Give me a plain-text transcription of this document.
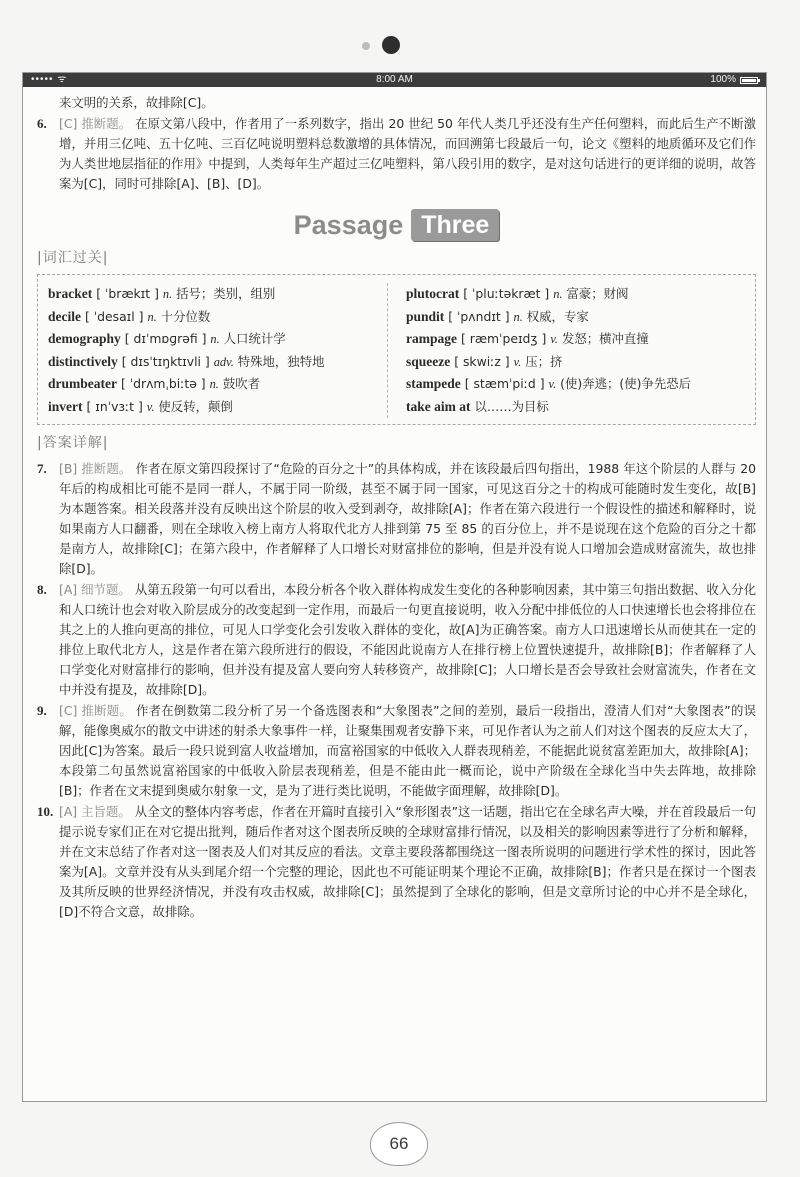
••••• ᯤ	8:00 AM	100%

来文明的关系，故排除[C]。

6. [C] 推断题。 在原文第八段中，作者用了一系列数字，指出 20 世纪 50 年代人类几乎还没有生产任何塑料，而此后生产不断激增，并用三亿吨、五十亿吨、三百亿吨说明塑料总数激增的具体情况，而回溯第七段最后一句，论文《塑料的地质循环及它们作为人类世地层指征的作用》中提到，人类每年生产超过三亿吨塑料，第八段引用的数字，是对这句话进行的更详细的说明，故答案为[C]，同时可排除[A]、[B]、[D]。
Passage Three
|词汇过关|
bracket [ ˈbrækɪt ] n. 括号；类别，组别
decile [ ˈdesaɪl ] n. 十分位数
demography [ dɪˈmɒɡrəfi ] n. 人口统计学
distinctively [ dɪsˈtɪŋktɪvli ] adv. 特殊地，独特地
drumbeater [ ˈdrʌmˌbiːtə ] n. 鼓吹者
invert [ ɪnˈvɜːt ] v. 使反转，颠倒
plutocrat [ ˈpluːtəkræt ] n. 富豪；财阀
pundit [ ˈpʌndɪt ] n. 权威，专家
rampage [ ræmˈpeɪdʒ ] v. 发怒；横冲直撞
squeeze [ skwiːz ] v. 压；挤
stampede [ stæmˈpiːd ] v. (使)奔逃；(使)争先恐后
take aim at 以……为目标
|答案详解|
7. [B] 推断题。 作者在原文第四段探讨了“危险的百分之十”的具体构成，并在该段最后四句指出，1988 年这个阶层的人群与 20 年后的构成相比可能不是同一群人，不属于同一阶级，甚至不属于同一国家，可见这百分之十的构成可能随时发生变化，故[B]为本题答案。相关段落并没有反映出这个阶层的收入受到剥夺，故排除[A]；作者在第六段进行一个假设性的描述和解释时，说如果南方人口翻番，则在全球收入榜上南方人将取代北方人排到第 75 至 85 的百分位上，并不是说现在这个危险的百分之十都是南方人，故排除[C]；在第六段中，作者解释了人口增长对财富排位的影响，但是并没有说人口增加会造成财富流失，故也排除[D]。
8. [A] 细节题。 从第五段第一句可以看出，本段分析各个收入群体构成发生变化的各种影响因素，其中第三句指出数据、收入分化和人口统计也会对收入阶层成分的改变起到一定作用，而最后一句更直接说明，收入分配中排低位的人口快速增长也会将排位在其之上的人推向更高的排位，可见人口学变化会引发收入群体的变化，故[A]为正确答案。南方人口迅速增长从而使其在一定的排位上取代北方人，这是作者在第六段所进行的假设，不能因此说南方人在排行榜上位置快速提升，故排除[B]；作者解释了人口学变化对财富排行的影响，但并没有提及富人要向穷人转移资产，故排除[C]；人口增长是否会导致社会财富流失，作者在文中并没有提及，故排除[D]。
9. [C] 推断题。 作者在倒数第二段分析了另一个备选图表和“大象图表”之间的差别，最后一段指出，澄清人们对“大象图表”的误解，能像奥威尔的散文中讲述的射杀大象事件一样，让聚集围观者安静下来，可见作者认为之前人们对这个图表的反应太大了，因此[C]为答案。最后一段只说到富人收益增加，而富裕国家的中低收入人群表现稍差，不能据此说贫富差距加大，故排除[A]；本段第二句虽然说富裕国家的中低收入阶层表现稍差，但是不能由此一概而论，说中产阶级在全球化当中失去阵地，故排除[B]；作者在文末提到奥威尔射象一文，是为了进行类比说明，不能做字面理解，故排除[D]。
10. [A] 主旨题。 从全文的整体内容考虑，作者在开篇时直接引入“象形图表”这一话题，指出它在全球名声大噪，并在首段最后一句提示说专家们正在对它提出批判，随后作者对这个图表所反映的全球财富排行情况，以及相关的影响因素等进行了分析和解释，并在文末总结了作者对这一图表及人们对其反应的看法。文章主要段落都围绕这一图表所说明的问题进行学术性的探讨，因此答案为[A]。文章并没有从头到尾介绍一个完整的理论，因此也不可能证明某个理论不正确，故排除[B]；作者只是在探讨一个图表及其所反映的世界经济情况，并没有攻击权威，故排除[C]；虽然提到了全球化的影响，但是文章所讨论的中心并不是全球化，[D]不符合文意，故排除。
66
